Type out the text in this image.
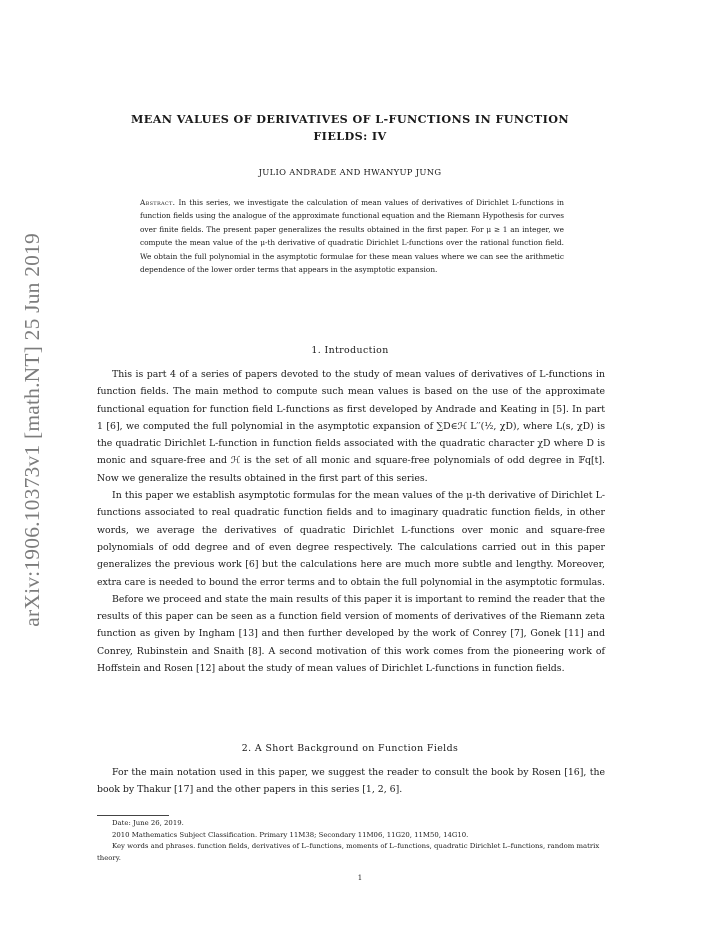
arXiv:1906.10373v1 [math.NT] 25 Jun 2019
MEAN VALUES OF DERIVATIVES OF L-FUNCTIONS IN FUNCTION
FIELDS: IV
JULIO ANDRADE AND HWANYUP JUNG
Abstract. In this series, we investigate the calculation of mean values of derivatives of Dirichlet L-functions in function fields using the analogue of the approximate functional equation and the Riemann Hypothesis for curves over finite fields. The present paper generalizes the results obtained in the first paper. For μ ≥ 1 an integer, we compute the mean value of the μ-th derivative of quadratic Dirichlet L-functions over the rational function field. We obtain the full polynomial in the asymptotic formulae for these mean values where we can see the arithmetic dependence of the lower order terms that appears in the asymptotic expansion.
1. Introduction

This is part 4 of a series of papers devoted to the study of mean values of derivatives of L-functions in function fields. The main method to compute such mean values is based on the use of the approximate functional equation for function field L-functions as first developed by Andrade and Keating in [5]. In part 1 [6], we computed the full polynomial in the asymptotic expansion of ∑D∈ℋ L′′(½, χD), where L(s, χD) is the quadratic Dirichlet L-function in function fields associated with the quadratic character χD where D is monic and square-free and ℋ is the set of all monic and square-free polynomials of odd degree in 𝔽q[t]. Now we generalize the results obtained in the first part of this series.

In this paper we establish asymptotic formulas for the mean values of the μ-th derivative of Dirichlet L-functions associated to real quadratic function fields and to imaginary quadratic function fields, in other words, we average the derivatives of quadratic Dirichlet L-functions over monic and square-free polynomials of odd degree and of even degree respectively. The calculations carried out in this paper generalizes the previous work [6] but the calculations here are much more subtle and lengthy. Moreover, extra care is needed to bound the error terms and to obtain the full polynomial in the asymptotic formulas.

Before we proceed and state the main results of this paper it is important to remind the reader that the results of this paper can be seen as a function field version of moments of derivatives of the Riemann zeta function as given by Ingham [13] and then further developed by the work of Conrey [7], Gonek [11] and Conrey, Rubinstein and Snaith [8]. A second motivation of this work comes from the pioneering work of Hoffstein and Rosen [12] about the study of mean values of Dirichlet L-functions in function fields.

2. A Short Background on Function Fields

For the main notation used in this paper, we suggest the reader to consult the book by Rosen [16], the book by Thakur [17] and the other papers in this series [1, 2, 6].

Date: June 26, 2019.
2010 Mathematics Subject Classification. Primary 11M38; Secondary 11M06, 11G20, 11M50, 14G10.
Key words and phrases. function fields, derivatives of L–functions, moments of L–functions, quadratic Dirichlet L–functions, random matrix theory.
1
